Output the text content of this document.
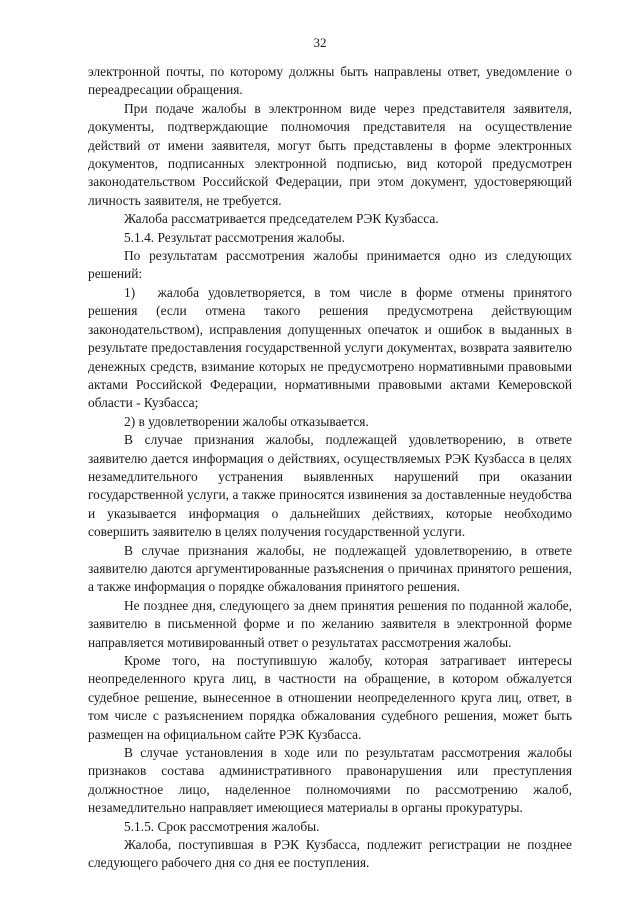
32

электронной почты, по которому должны быть направлены ответ, уведомление о переадресации обращения.

При подаче жалобы в электронном виде через представителя заявителя, документы, подтверждающие полномочия представителя на осуществление действий от имени заявителя, могут быть представлены в форме электронных документов, подписанных электронной подписью, вид которой предусмотрен законодательством Российской Федерации, при этом документ, удостоверяющий личность заявителя, не требуется.

Жалоба рассматривается председателем РЭК Кузбасса.

5.1.4. Результат рассмотрения жалобы.

По результатам рассмотрения жалобы принимается одно из следующих решений:

1)  жалоба удовлетворяется, в том числе в форме отмены принятого решения (если отмена такого решения предусмотрена действующим законодательством), исправления допущенных опечаток и ошибок в выданных в результате предоставления государственной услуги документах, возврата заявителю денежных средств, взимание которых не предусмотрено нормативными правовыми актами Российской Федерации, нормативными правовыми актами Кемеровской области - Кузбасса;

2) в удовлетворении жалобы отказывается.

В случае признания жалобы, подлежащей удовлетворению, в ответе заявителю дается информация о действиях, осуществляемых РЭК Кузбасса в целях незамедлительного устранения выявленных нарушений при оказании государственной услуги, а также приносятся извинения за доставленные неудобства и указывается информация о дальнейших действиях, которые необходимо совершить заявителю в целях получения государственной услуги.

В случае признания жалобы, не подлежащей удовлетворению, в ответе заявителю даются аргументированные разъяснения о причинах принятого решения, а также информация о порядке обжалования принятого решения.

Не позднее дня, следующего за днем принятия решения по поданной жалобе, заявителю в письменной форме и по желанию заявителя в электронной форме направляется мотивированный ответ о результатах рассмотрения жалобы.

Кроме того, на поступившую жалобу, которая затрагивает интересы неопределенного круга лиц, в частности на обращение, в котором обжалуется судебное решение, вынесенное в отношении неопределенного круга лиц, ответ, в том числе с разъяснением порядка обжалования судебного решения, может быть размещен на официальном сайте РЭК Кузбасса.

В случае установления в ходе или по результатам рассмотрения жалобы признаков состава административного правонарушения или преступления должностное лицо, наделенное полномочиями по рассмотрению жалоб, незамедлительно направляет имеющиеся материалы в органы прокуратуры.

5.1.5. Срок рассмотрения жалобы.

Жалоба, поступившая в РЭК Кузбасса, подлежит регистрации не позднее следующего рабочего дня со дня ее поступления.
